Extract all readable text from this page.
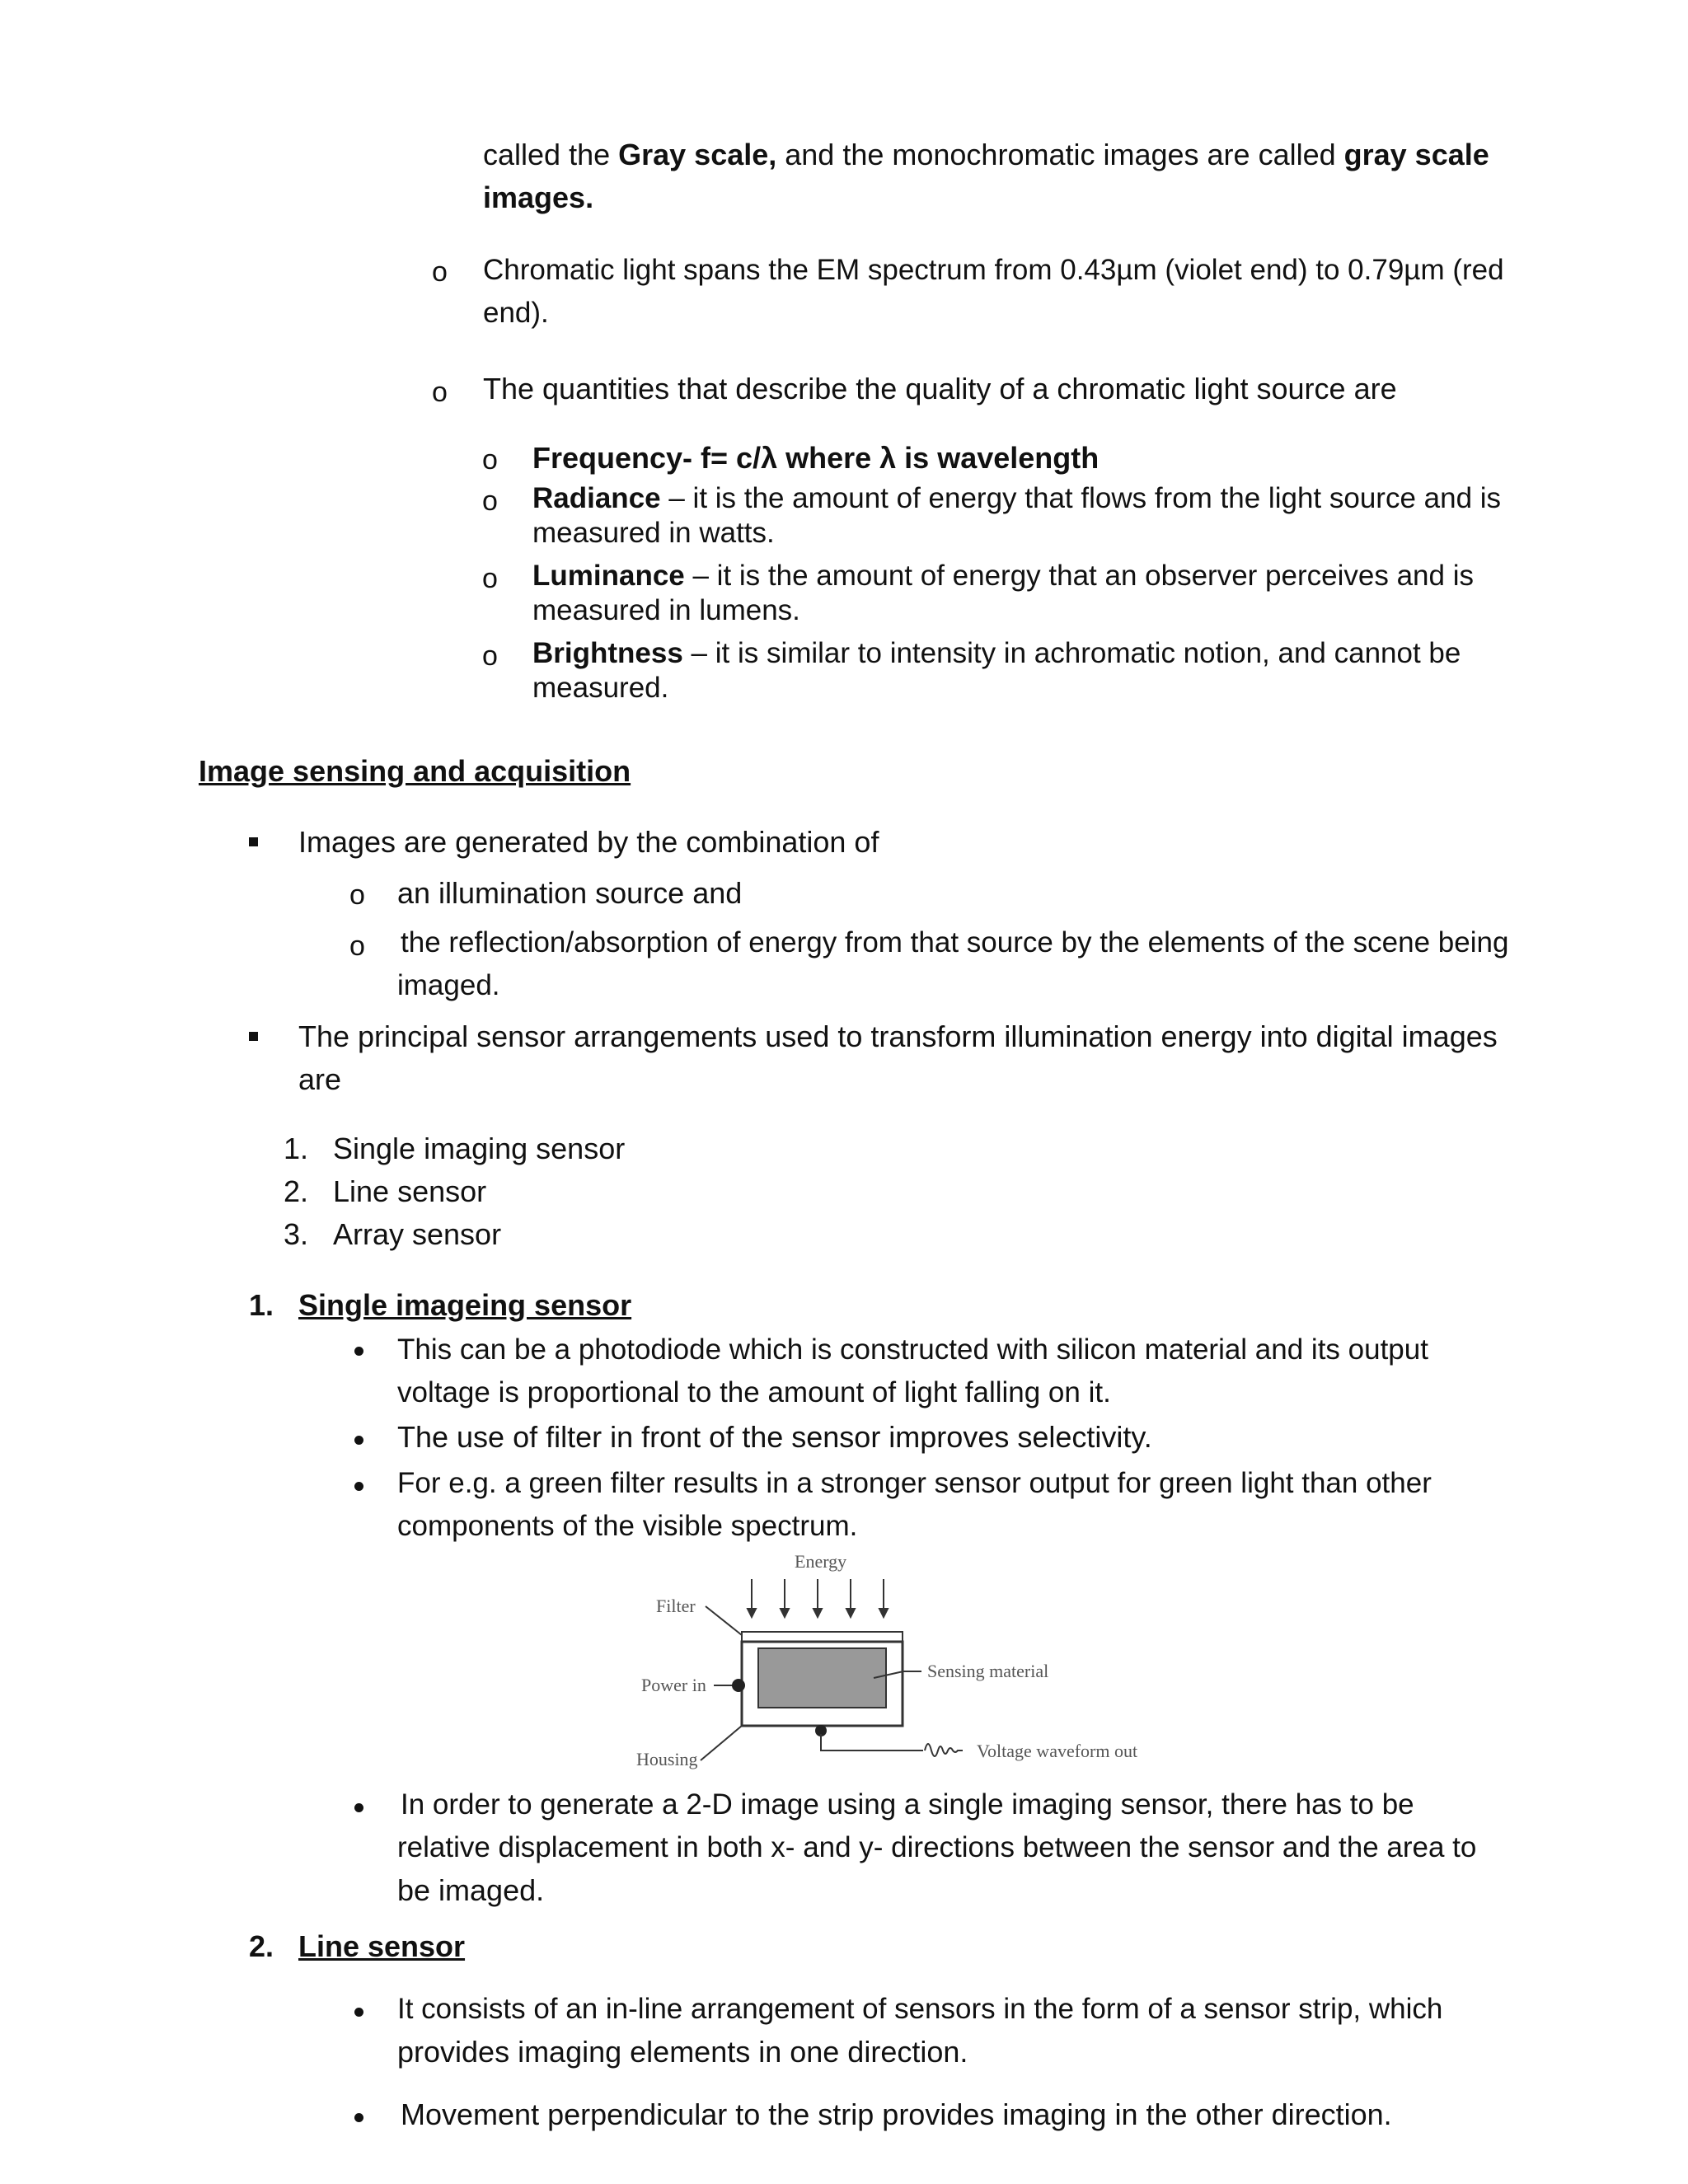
called the Gray scale, and the monochromatic images are called gray scale
images.
o Chromatic light spans the EM spectrum from 0.43µm (violet end) to 0.79µm (red
end).
o The quantities that describe the quality of a chromatic light source are
o Frequency- f= c/λ where λ is wavelength
o Radiance – it is the amount of energy that flows from the light source and is
measured in watts.
o Luminance – it is the amount of energy that an observer perceives and is
measured in lumens.
o Brightness – it is similar to intensity in achromatic notion, and cannot be
measured.
Image sensing and acquisition
Images are generated by the combination of
o an illumination source and
o the reflection/absorption of energy from that source by the elements of the scene being
imaged.
The principal sensor arrangements used to transform illumination energy into digital images
are
1. Single imaging sensor
2. Line sensor
3. Array sensor
1. Single imageing sensor
This can be a photodiode which is constructed with silicon material and its output
voltage is proportional to the amount of light falling on it.
The use of filter in front of the sensor improves selectivity.
For e.g. a green filter results in a stronger sensor output for green light than other
components of the visible spectrum.
Energy
Filter
Sensing material
Power in
Housing	Voltage waveform out
In order to generate a 2-D image using a single imaging sensor, there has to be
relative displacement in both x- and y- directions between the sensor and the area to
be imaged.
2. Line sensor
It consists of an in-line arrangement of sensors in the form of a sensor strip, which
provides imaging elements in one direction.
Movement perpendicular to the strip provides imaging in the other direction.
